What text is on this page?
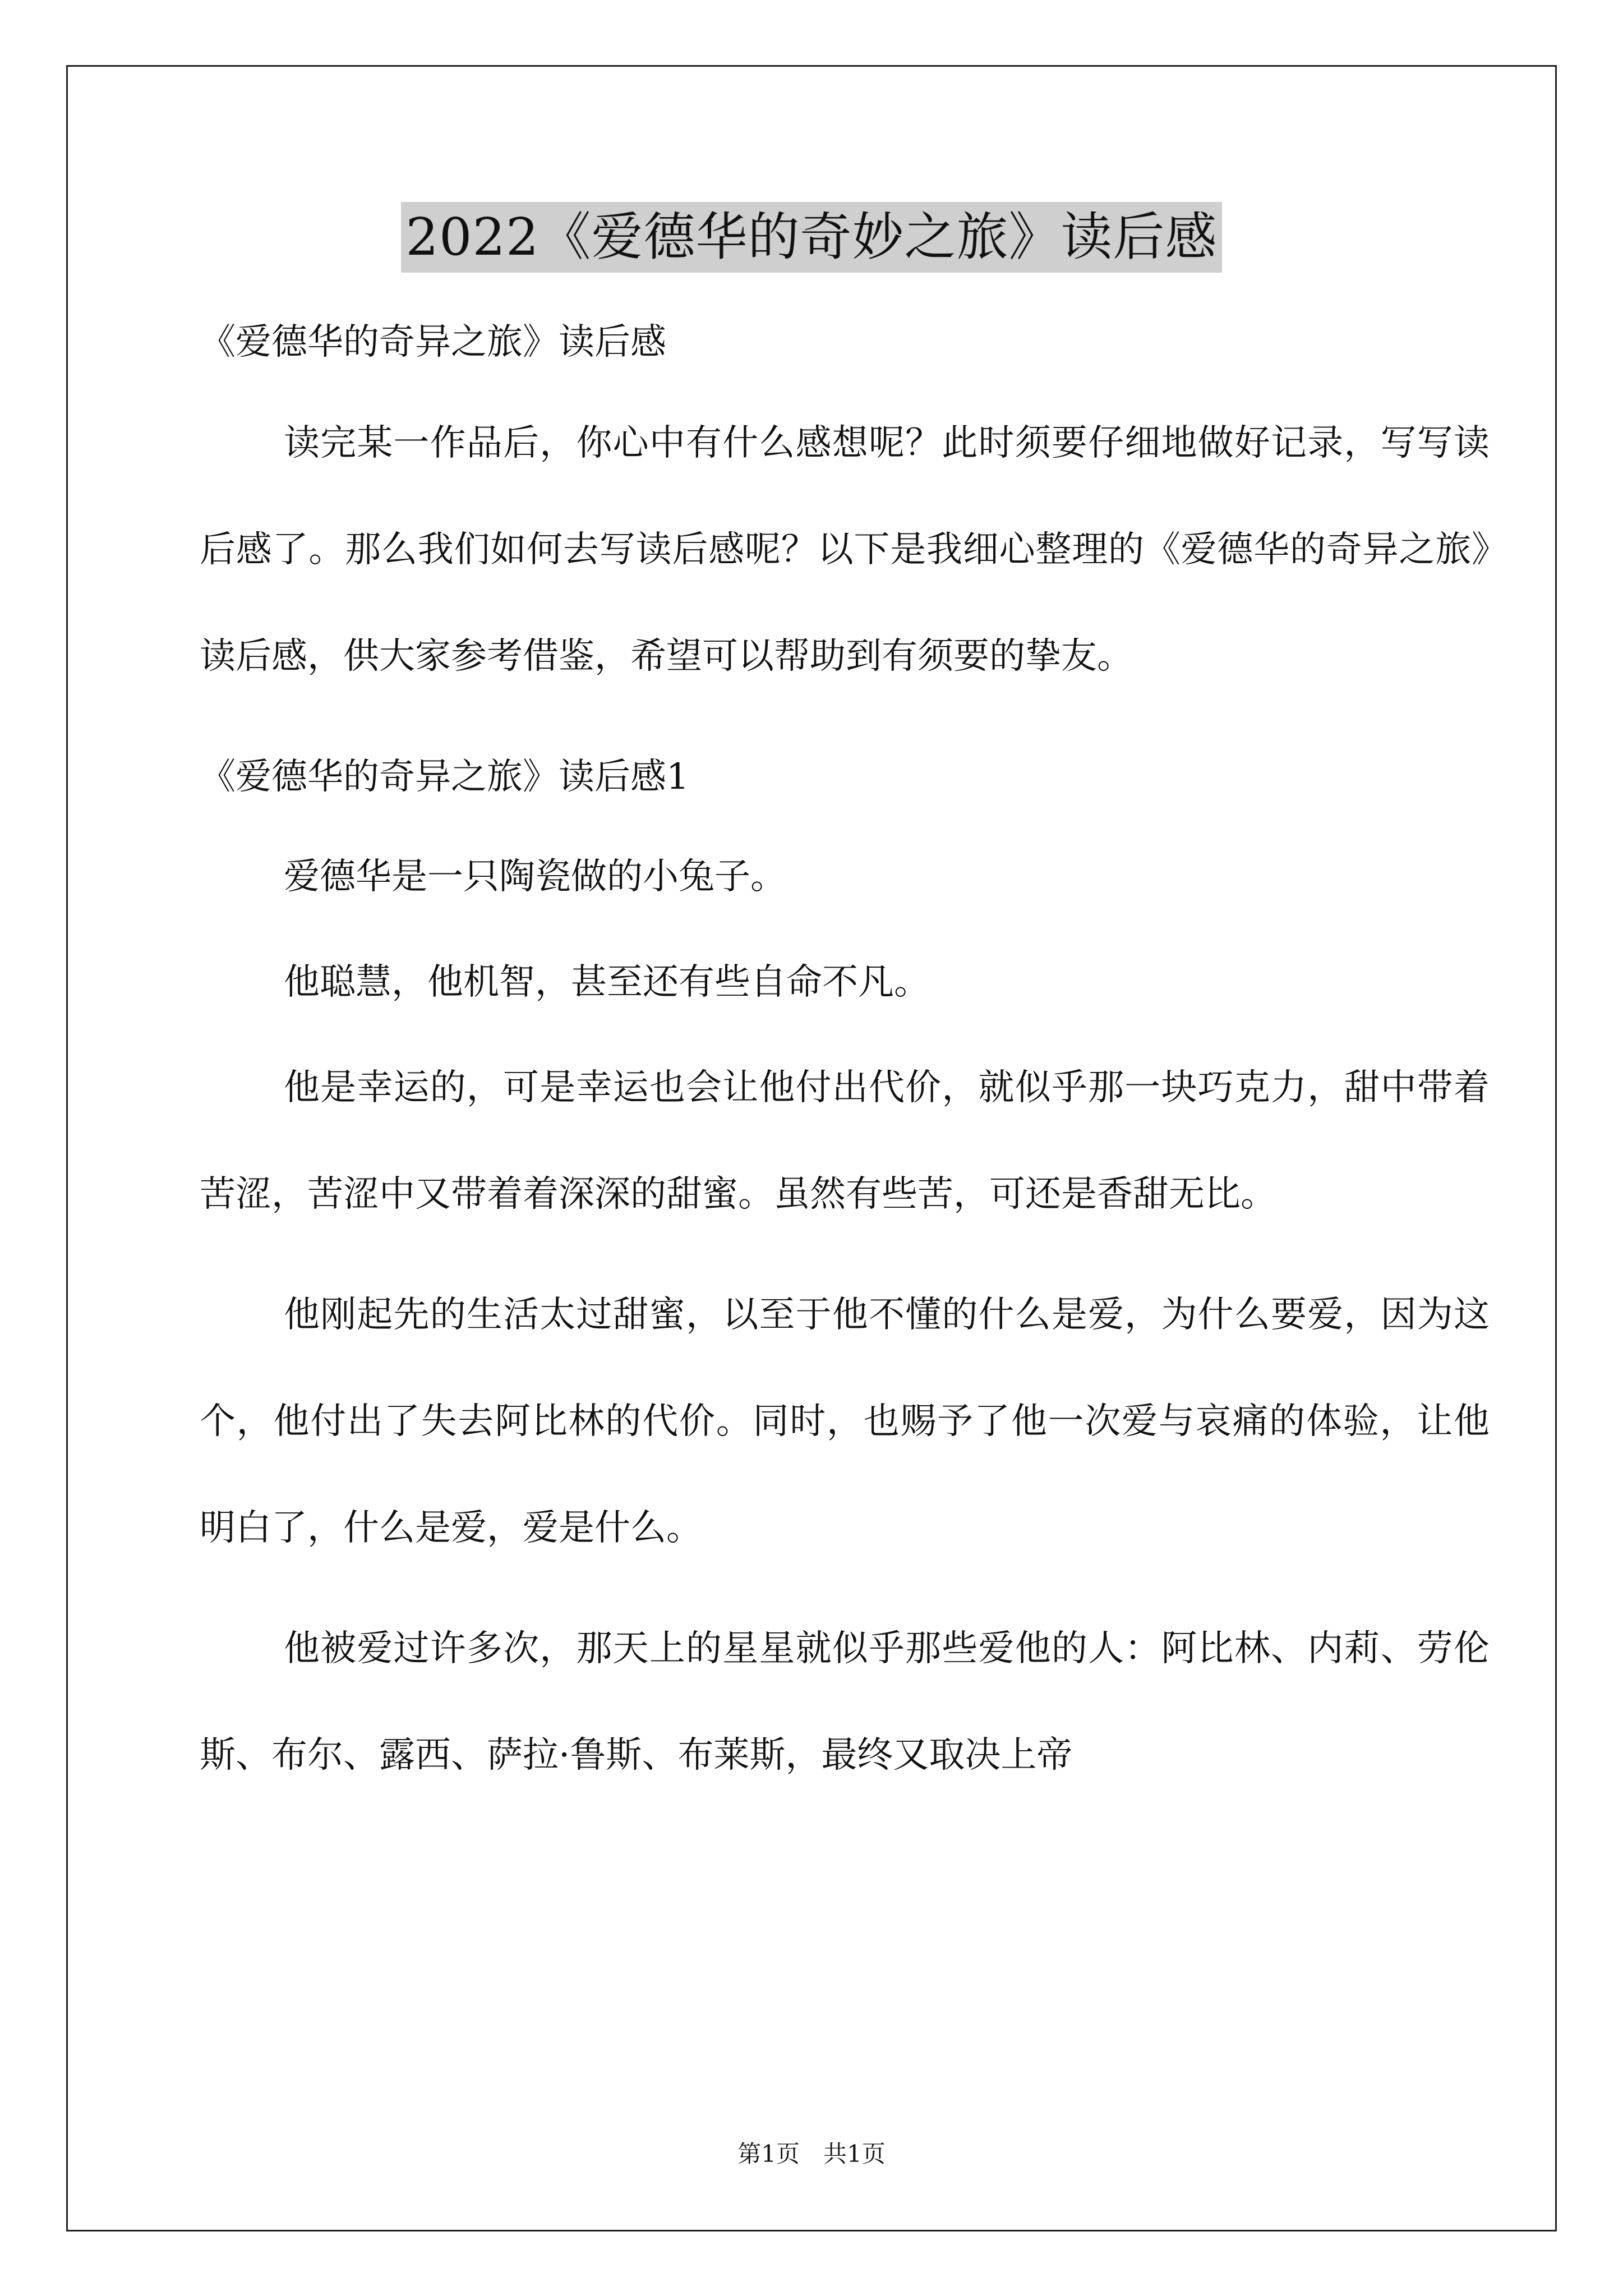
2022《爱德华的奇妙之旅》读后感

《爱德华的奇异之旅》读后感

读完某一作品后，你心中有什么感想呢？此时须要仔细地做好记录，写写读后感了。那么我们如何去写读后感呢？以下是我细心整理的《爱德华的奇异之旅》读后感，供大家参考借鉴，希望可以帮助到有须要的挚友。

《爱德华的奇异之旅》读后感1

爱德华是一只陶瓷做的小兔子。

他聪慧，他机智，甚至还有些自命不凡。

他是幸运的，可是幸运也会让他付出代价，就似乎那一块巧克力，甜中带着苦涩，苦涩中又带着着深深的甜蜜。虽然有些苦，可还是香甜无比。

他刚起先的生活太过甜蜜，以至于他不懂的什么是爱，为什么要爱，因为这个，他付出了失去阿比林的代价。同时，也赐予了他一次爱与哀痛的体验，让他明白了，什么是爱，爱是什么。

他被爱过许多次，那天上的星星就似乎那些爱他的人：阿比林、内莉、劳伦斯、布尔、露西、萨拉·鲁斯、布莱斯，最终又取决上帝

第1页　共1页
